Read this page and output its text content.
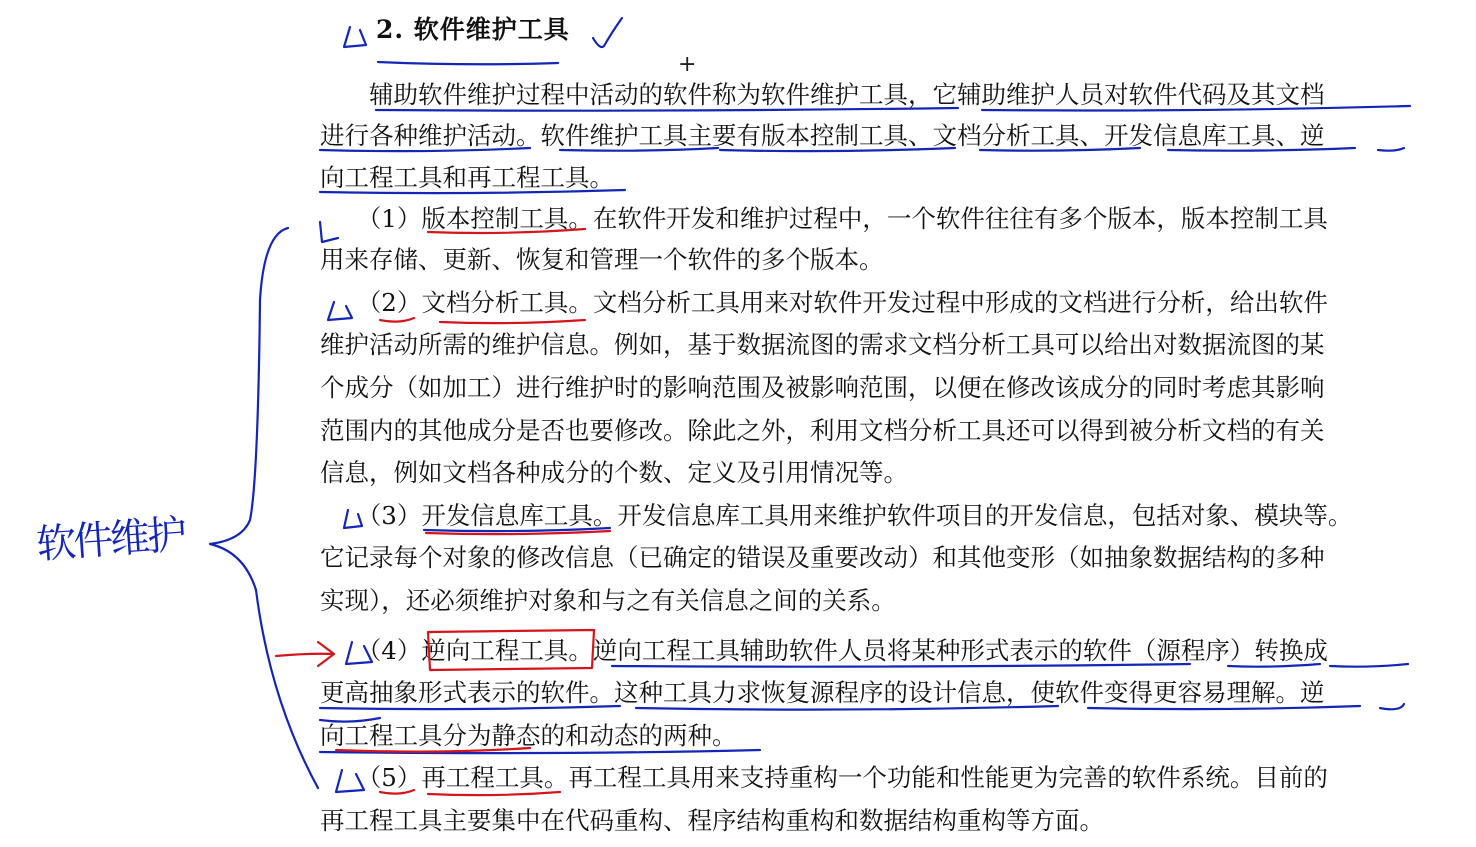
2. 软件维护工具
　　辅助软件维护过程中活动的软件称为软件维护工具，它辅助维护人员对软件代码及其文档
进行各种维护活动。软件维护工具主要有版本控制工具、文档分析工具、开发信息库工具、逆
向工程工具和再工程工具。
　　（1）版本控制工具。在软件开发和维护过程中，一个软件往往有多个版本，版本控制工具
用来存储、更新、恢复和管理一个软件的多个版本。
　　（2）文档分析工具。文档分析工具用来对软件开发过程中形成的文档进行分析，给出软件
维护活动所需的维护信息。例如，基于数据流图的需求文档分析工具可以给出对数据流图的某
个成分（如加工）进行维护时的影响范围及被影响范围，以便在修改该成分的同时考虑其影响
范围内的其他成分是否也要修改。除此之外，利用文档分析工具还可以得到被分析文档的有关
信息，例如文档各种成分的个数、定义及引用情况等。
　　（3）开发信息库工具。开发信息库工具用来维护软件项目的开发信息，包括对象、模块等。
它记录每个对象的修改信息（已确定的错误及重要改动）和其他变形（如抽象数据结构的多种
实现），还必须维护对象和与之有关信息之间的关系。
　　（4）逆向工程工具。逆向工程工具辅助软件人员将某种形式表示的软件（源程序）转换成
更高抽象形式表示的软件。这种工具力求恢复源程序的设计信息，使软件变得更容易理解。逆
向工程工具分为静态的和动态的两种。
　　（5）再工程工具。再工程工具用来支持重构一个功能和性能更为完善的软件系统。目前的
再工程工具主要集中在代码重构、程序结构重构和数据结构重构等方面。
软件维护
+
